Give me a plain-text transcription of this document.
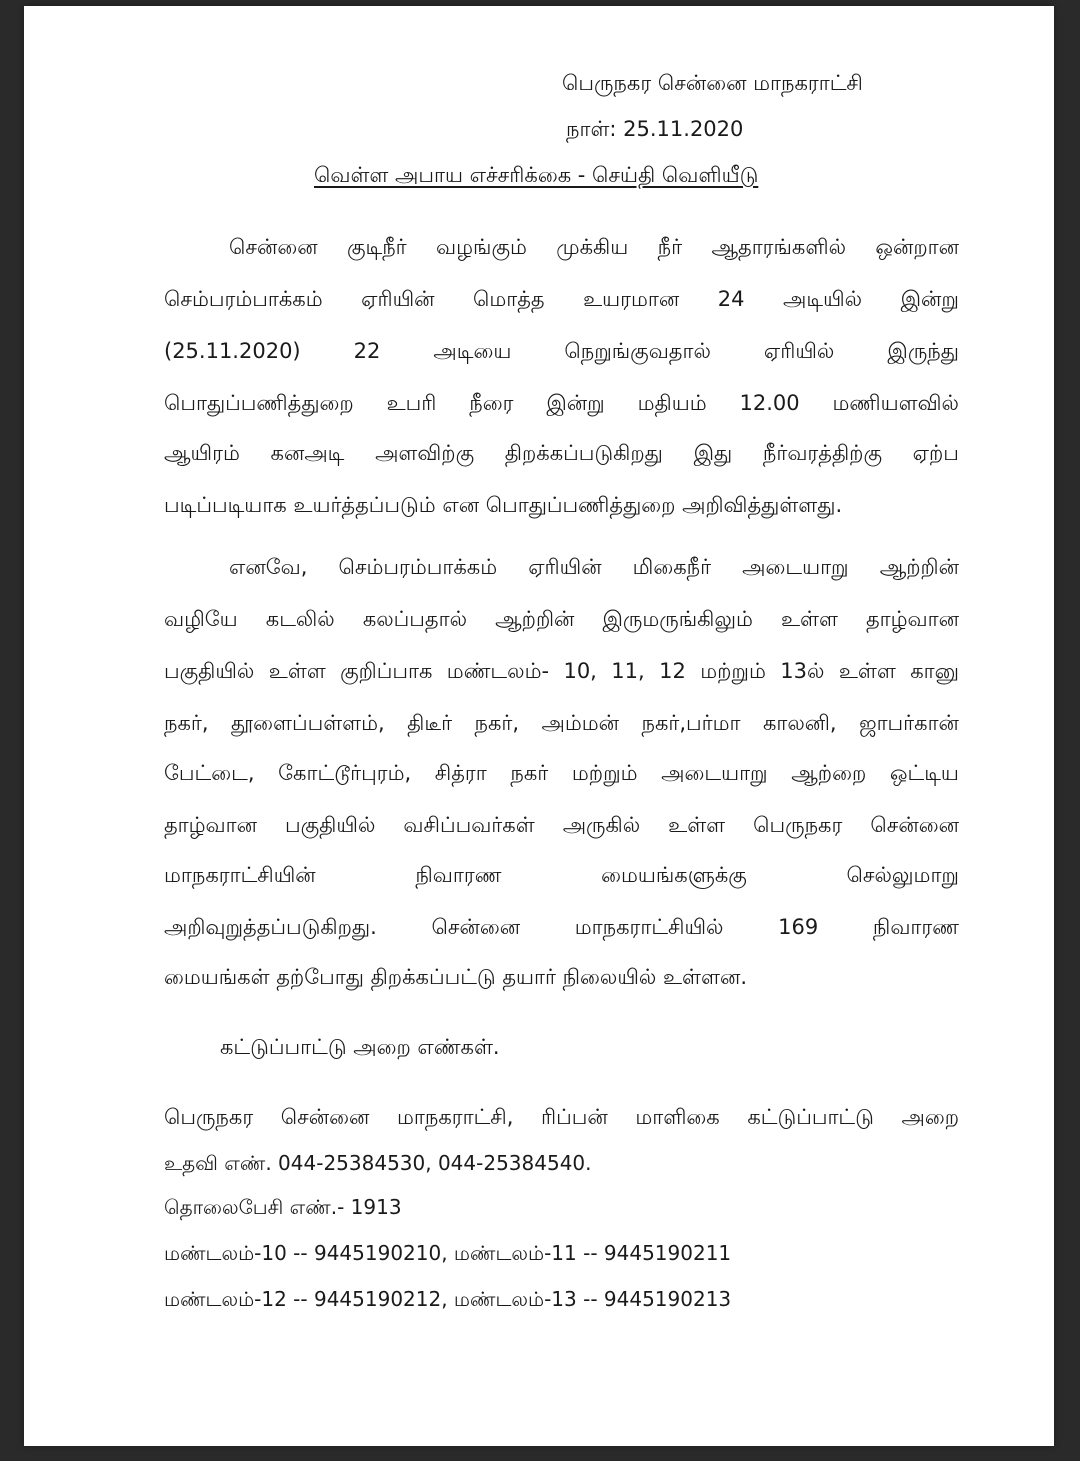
பெருநகர சென்னை மாநகராட்சி
நாள்: 25.11.2020
வெள்ள அபாய எச்சரிக்கை - செய்தி வெளியீடு
சென்னை குடிநீர் வழங்கும் முக்கிய நீர் ஆதாரங்களில் ஒன்றான
செம்பரம்பாக்கம் ஏரியின் மொத்த உயரமான 24 அடியில் இன்று
(25.11.2020)	22	அடியை	நெறுங்குவதால்	ஏரியில்	இருந்து
பொதுப்பணித்துறை உபரி நீரை இன்று மதியம் 12.00 மணியளவில்
ஆயிரம் கனஅடி அளவிற்கு திறக்கப்படுகிறது இது நீர்வரத்திற்கு ஏற்ப
படிப்படியாக உயர்த்தப்படும் என பொதுப்பணித்துறை அறிவித்துள்ளது.
எனவே, செம்பரம்பாக்கம் ஏரியின் மிகைநீர் அடையாறு ஆற்றின்
வழியே கடலில் கலப்பதால் ஆற்றின் இருமருங்கிலும் உள்ள தாழ்வான
பகுதியில் உள்ள குறிப்பாக மண்டலம்- 10, 11, 12 மற்றும் 13ல் உள்ள கானு
நகர், தூளைப்பள்ளம், திடீர் நகர், அம்மன் நகர்,பர்மா காலனி, ஜாபர்கான்
பேட்டை, கோட்டூர்புரம், சித்ரா நகர் மற்றும் அடையாறு ஆற்றை ஒட்டிய
தாழ்வான பகுதியில் வசிப்பவர்கள் அருகில் உள்ள பெருநகர சென்னை
மாநகராட்சியின்	நிவாரண	மையங்களுக்கு	செல்லுமாறு
அறிவுறுத்தப்படுகிறது.	சென்னை	மாநகராட்சியில்	169	நிவாரண
மையங்கள் தற்போது திறக்கப்பட்டு தயார் நிலையில் உள்ளன.
கட்டுப்பாட்டு அறை எண்கள்.
பெருநகர சென்னை மாநகராட்சி, ரிப்பன் மாளிகை கட்டுப்பாட்டு அறை
உதவி எண். 044-25384530, 044-25384540.
தொலைபேசி எண்.- 1913
மண்டலம்-10 -- 9445190210, மண்டலம்-11 -- 9445190211
மண்டலம்-12 -- 9445190212, மண்டலம்-13 -- 9445190213
